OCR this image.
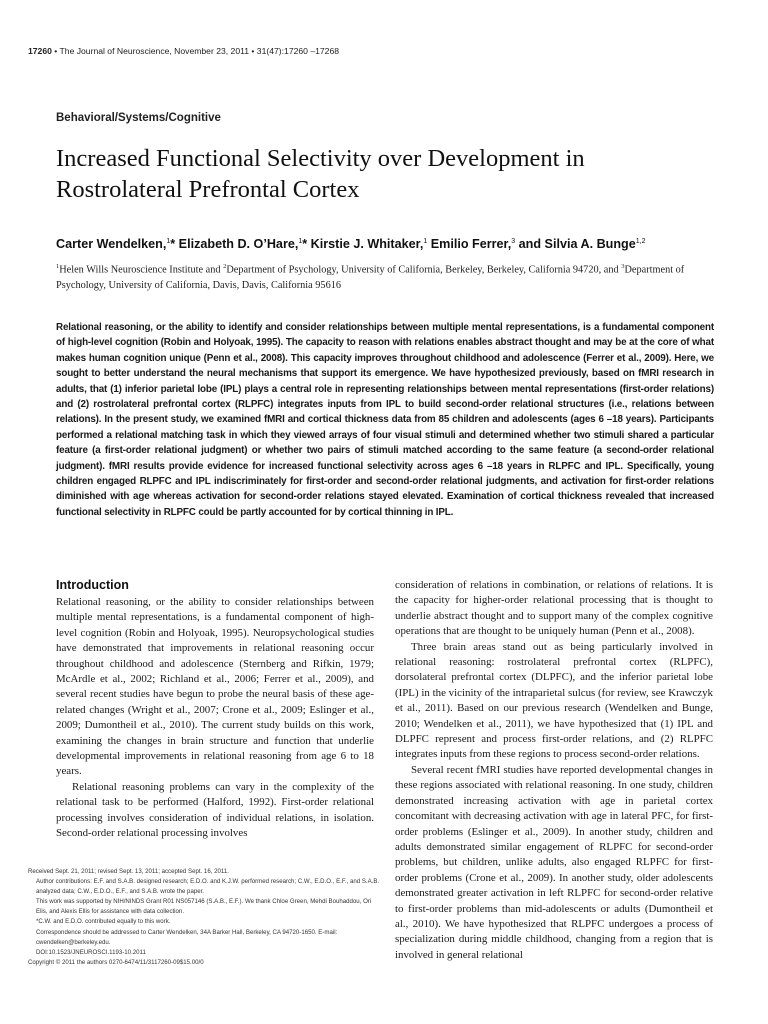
17260 • The Journal of Neuroscience, November 23, 2011 • 31(47):17260 –17268
Behavioral/Systems/Cognitive
Increased Functional Selectivity over Development in Rostrolateral Prefrontal Cortex
Carter Wendelken,$^1$* Elizabeth D. O’Hare,$^1$* Kirstie J. Whitaker,$^1$ Emilio Ferrer,$^3$ and Silvia A. Bunge$^{1,2}$
$^1$Helen Wills Neuroscience Institute and $^2$Department of Psychology, University of California, Berkeley, Berkeley, California 94720, and $^3$Department of Psychology, University of California, Davis, Davis, California 95616
Relational reasoning, or the ability to identify and consider relationships between multiple mental representations, is a fundamental component of high-level cognition (Robin and Holyoak, 1995). The capacity to reason with relations enables abstract thought and may be at the core of what makes human cognition unique (Penn et al., 2008). This capacity improves throughout childhood and adolescence (Ferrer et al., 2009). Here, we sought to better understand the neural mechanisms that support its emergence. We have hypothesized previously, based on fMRI research in adults, that (1) inferior parietal lobe (IPL) plays a central role in representing relationships between mental representations (first-order relations) and (2) rostrolateral prefrontal cortex (RLPFC) integrates inputs from IPL to build second-order relational structures (i.e., relations between relations). In the present study, we examined fMRI and cortical thickness data from 85 children and adolescents (ages 6 –18 years). Participants performed a relational matching task in which they viewed arrays of four visual stimuli and determined whether two stimuli shared a particular feature (a first-order relational judgment) or whether two pairs of stimuli matched according to the same feature (a second-order relational judgment). fMRI results provide evidence for increased functional selectivity across ages 6 –18 years in RLPFC and IPL. Specifically, young children engaged RLPFC and IPL indiscriminately for first-order and second-order relational judgments, and activation for first-order relations diminished with age whereas activation for second-order relations stayed elevated. Examination of cortical thickness revealed that increased functional selectivity in RLPFC could be partly accounted for by cortical thinning in IPL.
Introduction

Relational reasoning, or the ability to consider relationships between multiple mental representations, is a fundamental component of high-level cognition (Robin and Holyoak, 1995). Neuropsychological studies have demonstrated that improvements in relational reasoning occur throughout childhood and adolescence (Sternberg and Rifkin, 1979; McArdle et al., 2002; Richland et al., 2006; Ferrer et al., 2009), and several recent studies have begun to probe the neural basis of these age-related changes (Wright et al., 2007; Crone et al., 2009; Eslinger et al., 2009; Dumontheil et al., 2010). The current study builds on this work, examining the changes in brain structure and function that underlie developmental improvements in relational reasoning from age 6 to 18 years.

Relational reasoning problems can vary in the complexity of the relational task to be performed (Halford, 1992). First-order relational processing involves consideration of individual relations, in isolation. Second-order relational processing involves

consideration of relations in combination, or relations of relations. It is the capacity for higher-order relational processing that is thought to underlie abstract thought and to support many of the complex cognitive operations that are thought to be uniquely human (Penn et al., 2008).

Three brain areas stand out as being particularly involved in relational reasoning: rostrolateral prefrontal cortex (RLPFC), dorsolateral prefrontal cortex (DLPFC), and the inferior parietal lobe (IPL) in the vicinity of the intraparietal sulcus (for review, see Krawczyk et al., 2011). Based on our previous research (Wendelken and Bunge, 2010; Wendelken et al., 2011), we have hypothesized that (1) IPL and DLPFC represent and process first-order relations, and (2) RLPFC integrates inputs from these regions to process second-order relations.

Several recent fMRI studies have reported developmental changes in these regions associated with relational reasoning. In one study, children demonstrated increasing activation with age in parietal cortex concomitant with decreasing activation with age in lateral PFC, for first-order problems (Eslinger et al., 2009). In another study, children and adults demonstrated similar engagement of RLPFC for second-order problems, but children, unlike adults, also engaged RLPFC for first-order problems (Crone et al., 2009). In another study, older adolescents demonstrated greater activation in left RLPFC for second-order relative to first-order problems than mid-adolescents or adults (Dumontheil et al., 2010). We have hypothesized that RLPFC undergoes a process of specialization during middle childhood, changing from a region that is involved in general relational

Received Sept. 21, 2011; revised Sept. 13, 2011; accepted Sept. 16, 2011.
Author contributions: E.F. and S.A.B. designed research; E.D.O. and K.J.W. performed research; C.W., E.D.O., E.F., and S.A.B. analyzed data; C.W., E.D.O., E.F., and S.A.B. wrote the paper.
This work was supported by NIH/NINDS Grant R01 NS057146 (S.A.B., E.F.). We thank Chloe Green, Mehdi Bouhaddou, Ori Elis, and Alexis Ellis for assistance with data collection.
*C.W. and E.D.O. contributed equally to this work.
Correspondence should be addressed to Carter Wendelken, 34A Barker Hall, Berkeley, CA 94720-1650. E-mail: cwendelken@berkeley.edu.
DOI:10.1523/JNEUROSCI.1193-10.2011
Copyright © 2011 the authors 0270-6474/11/3117260-09$15.00/0
